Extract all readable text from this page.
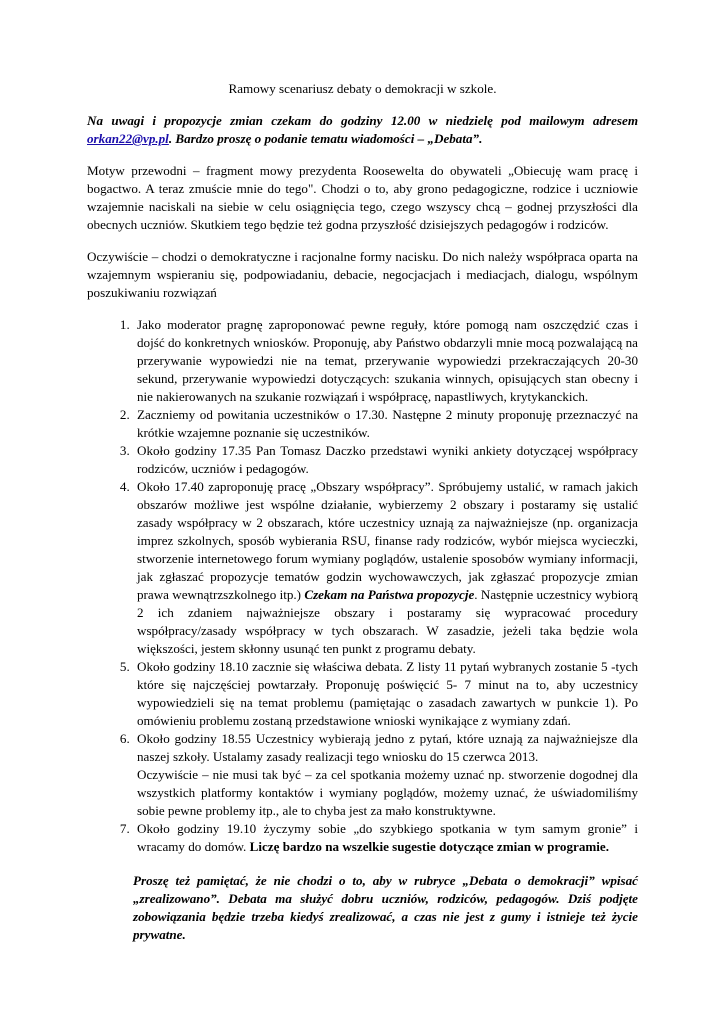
Ramowy scenariusz debaty o demokracji w szkole.
Na uwagi i propozycje zmian czekam do godziny 12.00 w niedzielę pod mailowym adresem orkan22@vp.pl. Bardzo proszę o podanie tematu wiadomości – „Debata”.

Motyw przewodni – fragment mowy prezydenta Roosewelta do obywateli „Obiecuję wam pracę i bogactwo. A teraz zmuście mnie do tego". Chodzi o to, aby grono pedagogiczne, rodzice i uczniowie wzajemnie naciskali na siebie w celu osiągnięcia tego, czego wszyscy chcą – godnej przyszłości dla obecnych uczniów. Skutkiem tego będzie też godna przyszłość dzisiejszych pedagogów i rodziców.

Oczywiście – chodzi o demokratyczne i racjonalne formy nacisku. Do nich należy współpraca oparta na wzajemnym wspieraniu się, podpowiadaniu, debacie, negocjacjach i mediacjach, dialogu, wspólnym poszukiwaniu rozwiązań

1. Jako moderator pragnę zaproponować pewne reguły, które pomogą nam oszczędzić czas i dojść do konkretnych wniosków. Proponuję, aby Państwo obdarzyli mnie mocą pozwalającą na przerywanie wypowiedzi nie na temat, przerywanie wypowiedzi przekraczających 20-30 sekund, przerywanie wypowiedzi dotyczących: szukania winnych, opisujących stan obecny i nie nakierowanych na szukanie rozwiązań i współpracę, napastliwych, krytykanckich.
2. Zaczniemy od powitania uczestników o 17.30. Następne 2 minuty proponuję przeznaczyć na krótkie wzajemne poznanie się uczestników.
3. Około godziny 17.35 Pan Tomasz Daczko przedstawi wyniki ankiety dotyczącej współpracy rodziców, uczniów i pedagogów.
4. Około 17.40 zaproponuję pracę „Obszary współpracy”. Spróbujemy ustalić, w ramach jakich obszarów możliwe jest wspólne działanie, wybierzemy 2 obszary i postaramy się ustalić zasady współpracy w 2 obszarach, które uczestnicy uznają za najważniejsze (np. organizacja imprez szkolnych, sposób wybierania RSU, finanse rady rodziców, wybór miejsca wycieczki, stworzenie internetowego forum wymiany poglądów, ustalenie sposobów wymiany informacji, jak zgłaszać propozycje tematów godzin wychowawczych, jak zgłaszać propozycje zmian prawa wewnątrzszkolnego itp.) Czekam na Państwa propozycje. Następnie uczestnicy wybiorą 2 ich zdaniem najważniejsze obszary i postaramy się wypracować procedury współpracy/zasady współpracy w tych obszarach. W zasadzie, jeżeli taka będzie wola większości, jestem skłonny usunąć ten punkt z programu debaty.
5. Około godziny 18.10 zacznie się właściwa debata. Z listy 11 pytań wybranych zostanie 5 -tych które się najczęściej powtarzały. Proponuję poświęcić 5- 7 minut na to, aby uczestnicy wypowiedzieli się na temat problemu (pamiętając o zasadach zawartych w punkcie 1). Po omówieniu problemu zostaną przedstawione wnioski wynikające z wymiany zdań.
6. Około godziny 18.55 Uczestnicy wybierają jedno z pytań, które uznają za najważniejsze dla naszej szkoły. Ustalamy zasady realizacji tego wniosku do 15 czerwca 2013.
Oczywiście – nie musi tak być – za cel spotkania możemy uznać np. stworzenie dogodnej dla wszystkich platformy kontaktów i wymiany poglądów, możemy uznać, że uświadomiliśmy sobie pewne problemy itp., ale to chyba jest za mało konstruktywne.
7. Około godziny 19.10 życzymy sobie „do szybkiego spotkania w tym samym gronie” i wracamy do domów. Liczę bardzo na wszelkie sugestie dotyczące zmian w programie.
Proszę też pamiętać, że nie chodzi o to, aby w rubryce „Debata o demokracji” wpisać „zrealizowano”. Debata ma służyć dobru uczniów, rodziców, pedagogów. Dziś podjęte zobowiązania będzie trzeba kiedyś zrealizować, a czas nie jest z gumy i istnieje też życie prywatne.
